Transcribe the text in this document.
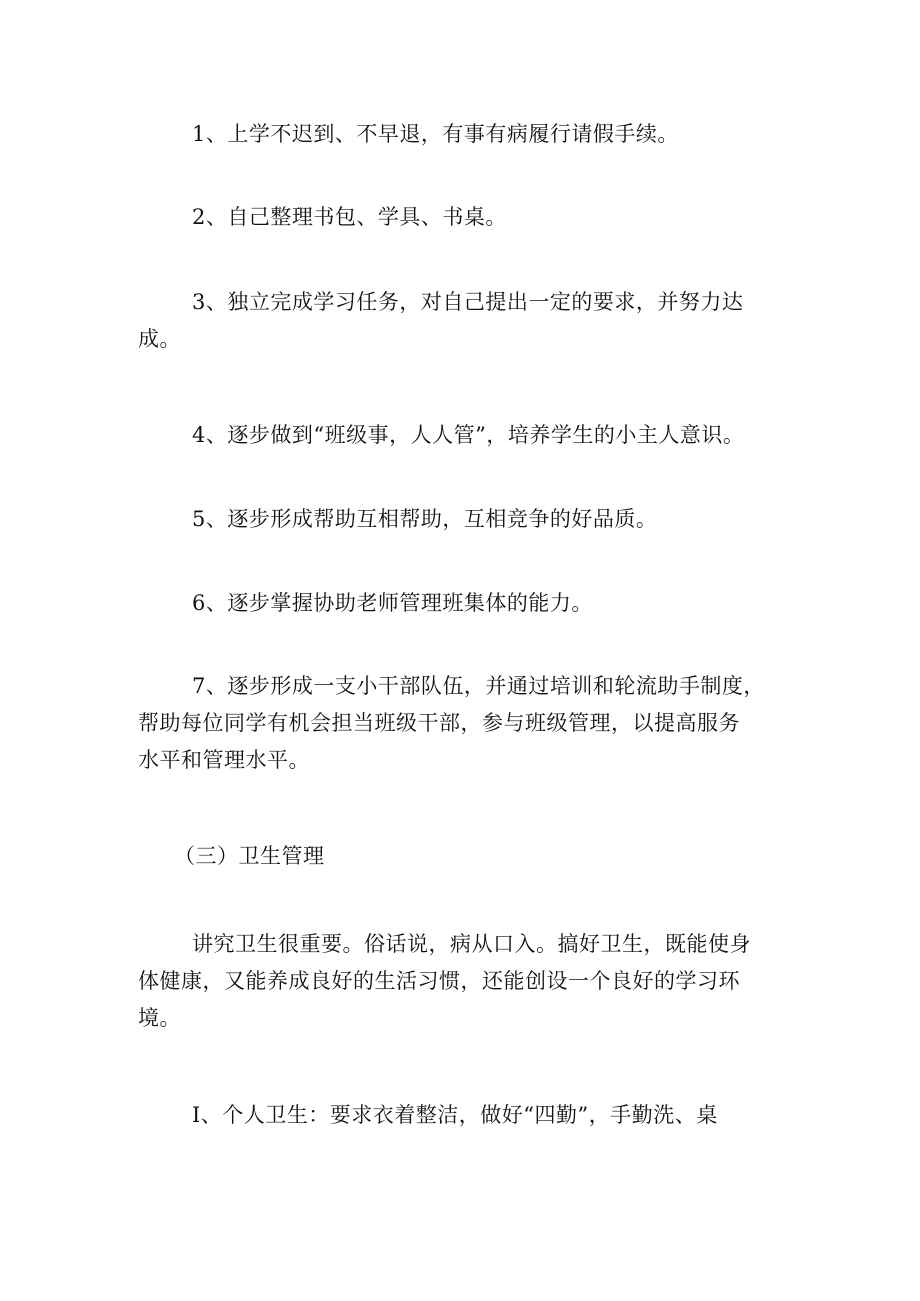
1、上学不迟到、不早退，有事有病履行请假手续。
2、自己整理书包、学具、书桌。
3、独立完成学习任务，对自己提出一定的要求，并努力达
成。
4、逐步做到“班级事，人人管”，培养学生的小主人意识。
5、逐步形成帮助互相帮助，互相竞争的好品质。
6、逐步掌握协助老师管理班集体的能力。
7、逐步形成一支小干部队伍，并通过培训和轮流助手制度，
帮助每位同学有机会担当班级干部，参与班级管理，以提高服务
水平和管理水平。
（三）卫生管理
讲究卫生很重要。俗话说，病从口入。搞好卫生，既能使身
体健康，又能养成良好的生活习惯，还能创设一个良好的学习环
境。
I、个人卫生：要求衣着整洁，做好“四勤”，手勤洗、桌
